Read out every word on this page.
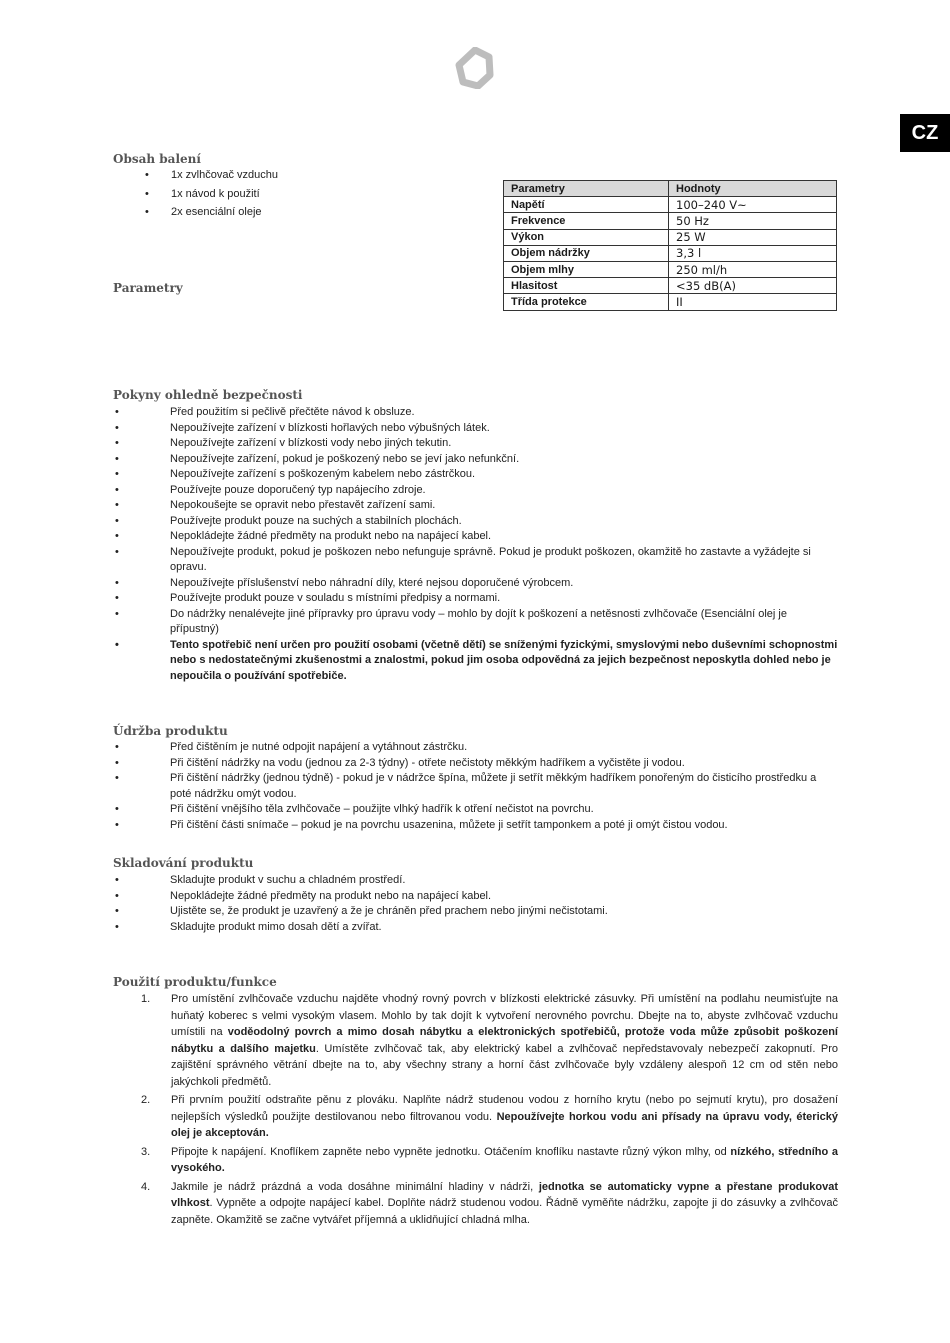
CZ
Obsah balení
• 1x zvlhčovač vzduchu
• 1x návod k použití
• 2x esenciální oleje
Parametry
Parametry	Hodnoty
Napětí	100–240 V~
Frekvence	50 Hz
Výkon	25 W
Objem nádržky	3,3 l
Objem mlhy	250 ml/h
Hlasitost	<35 dB(A)
Třída protekce	II
Pokyny ohledně bezpečnosti
• Před použitím si pečlivě přečtěte návod k obsluze.
• Nepoužívejte zařízení v blízkosti hořlavých nebo výbušných látek.
• Nepoužívejte zařízení v blízkosti vody nebo jiných tekutin.
• Nepoužívejte zařízení, pokud je poškozený nebo se jeví jako nefunkční.
• Nepoužívejte zařízení s poškozeným kabelem nebo zástrčkou.
• Používejte pouze doporučený typ napájecího zdroje.
• Nepokoušejte se opravit nebo přestavět zařízení sami.
• Používejte produkt pouze na suchých a stabilních plochách.
• Nepokládejte žádné předměty na produkt nebo na napájecí kabel.
• Nepoužívejte produkt, pokud je poškozen nebo nefunguje správně. Pokud je produkt poškozen, okamžitě ho zastavte a vyžádejte si opravu.
• Nepoužívejte příslušenství nebo náhradní díly, které nejsou doporučené výrobcem.
• Používejte produkt pouze v souladu s místními předpisy a normami.
• Do nádržky nenalévejte jiné přípravky pro úpravu vody – mohlo by dojít k poškození a netěsnosti zvlhčovače (Esenciální olej je přípustný)
• Tento spotřebič není určen pro použití osobami (včetně dětí) se sníženými fyzickými, smyslovými nebo duševními schopnostmi nebo s nedostatečnými zkušenostmi a znalostmi, pokud jim osoba odpovědná za jejich bezpečnost neposkytla dohled nebo je nepoučila o používání spotřebiče.
Údržba produktu
• Před čištěním je nutné odpojit napájení a vytáhnout zástrčku.
• Při čištění nádržky na vodu (jednou za 2-3 týdny) - otřete nečistoty měkkým hadříkem a vyčistěte ji vodou.
• Při čištění nádržky (jednou týdně) - pokud je v nádržce špína, můžete ji setřít měkkým hadříkem ponořeným do čisticího prostředku a poté nádržku omýt vodou.
• Při čištění vnějšího těla zvlhčovače – použijte vlhký hadřík k otření nečistot na povrchu.
• Při čištění části snímače – pokud je na povrchu usazenina, můžete ji setřít tamponkem a poté ji omýt čistou vodou.
Skladování produktu
• Skladujte produkt v suchu a chladném prostředí.
• Nepokládejte žádné předměty na produkt nebo na napájecí kabel.
• Ujistěte se, že produkt je uzavřený a že je chráněn před prachem nebo jinými nečistotami.
• Skladujte produkt mimo dosah dětí a zvířat.
Použití produktu/funkce
1. Pro umístění zvlhčovače vzduchu najděte vhodný rovný povrch v blízkosti elektrické zásuvky. Při umístění na podlahu neumisťujte na huňatý koberec s velmi vysokým vlasem. Mohlo by tak dojít k vytvoření nerovného povrchu. Dbejte na to, abyste zvlhčovač vzduchu umístili na voděodolný povrch a mimo dosah nábytku a elektronických spotřebičů, protože voda může způsobit poškození nábytku a dalšího majetku. Umístěte zvlhčovač tak, aby elektrický kabel a zvlhčovač nepředstavovaly nebezpečí zakopnutí. Pro zajištění správného větrání dbejte na to, aby všechny strany a horní část zvlhčovače byly vzdáleny alespoň 12 cm od stěn nebo jakýchkoli předmětů.
2. Při prvním použití odstraňte pěnu z plováku. Naplňte nádrž studenou vodou z horního krytu (nebo po sejmutí krytu), pro dosažení nejlepších výsledků použijte destilovanou nebo filtrovanou vodu. Nepoužívejte horkou vodu ani přísady na úpravu vody, éterický olej je akceptován.
3. Připojte k napájení. Knoflíkem zapněte nebo vypněte jednotku. Otáčením knoflíku nastavte různý výkon mlhy, od nízkého, středního a vysokého.
4. Jakmile je nádrž prázdná a voda dosáhne minimální hladiny v nádrži, jednotka se automaticky vypne a přestane produkovat vlhkost. Vypněte a odpojte napájecí kabel. Doplňte nádrž studenou vodou. Řádně vyměňte nádržku, zapojte ji do zásuvky a zvlhčovač zapněte. Okamžitě se začne vytvářet příjemná a uklidňující chladná mlha.
